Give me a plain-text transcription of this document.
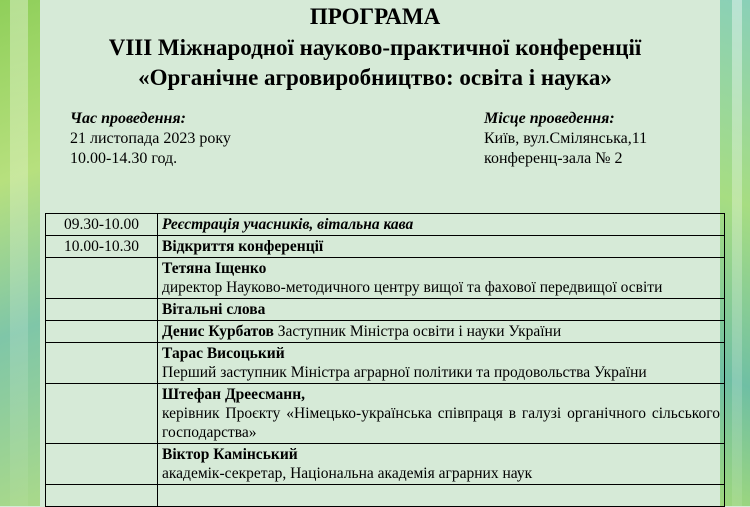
ПРОГРАМА
VIII Міжнародної науково-практичної конференції
«Органічне агровиробництво: освіта і наука»
Час проведення:
21 листопада 2023 року
10.00-14.30 год.
Місце проведення:
Київ, вул.Смілянська,11
конференц-зала № 2
09.30-10.00	Реєстрація учасників, вітальна кава
10.00-10.30	Відкриття конференції

	Тетяна Іщенко
директор Науково-методичного центру вищої та фахової передвищої освіти

	Вітальні слова
	Денис Курбатов Заступник Міністра освіти і науки України

	Тарас Висоцький
Перший заступник Міністра аграрної політики та продовольства України

	Штефан Дреесманн,
керівник Проєкту «Німецько-українська співпраця в галузі органічного сільського господарства»

	Віктор Камінський
академік-секретар, Національна академія аграрних наук
